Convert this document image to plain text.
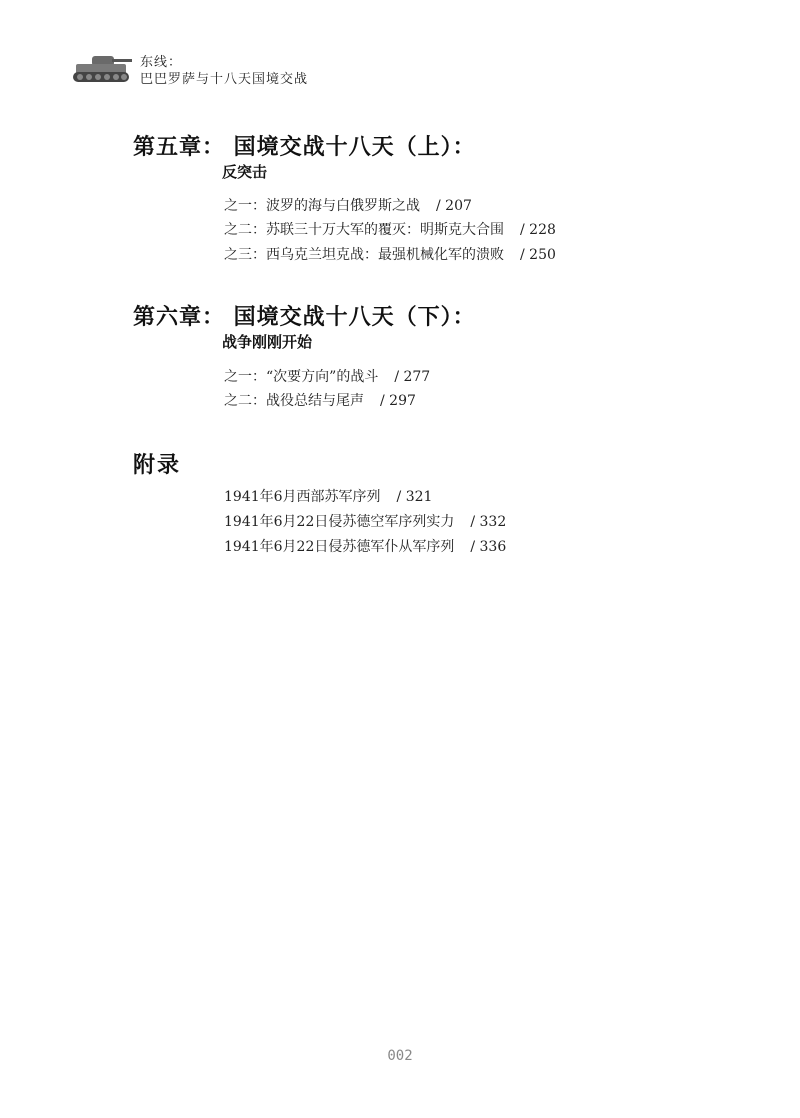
东线：
巴巴罗萨与十八天国境交战
第五章： 国境交战十八天（上）：
反突击
之一：波罗的海与白俄罗斯之战 / 207
之二：苏联三十万大军的覆灭：明斯克大合围 / 228
之三：西乌克兰坦克战：最强机械化军的溃败 / 250
第六章： 国境交战十八天（下）：
战争刚刚开始
之一：“次要方向”的战斗 / 277
之二：战役总结与尾声 / 297
附录
1941年6月西部苏军序列 / 321
1941年6月22日侵苏德空军序列实力 / 332
1941年6月22日侵苏德军仆从军序列 / 336
002
